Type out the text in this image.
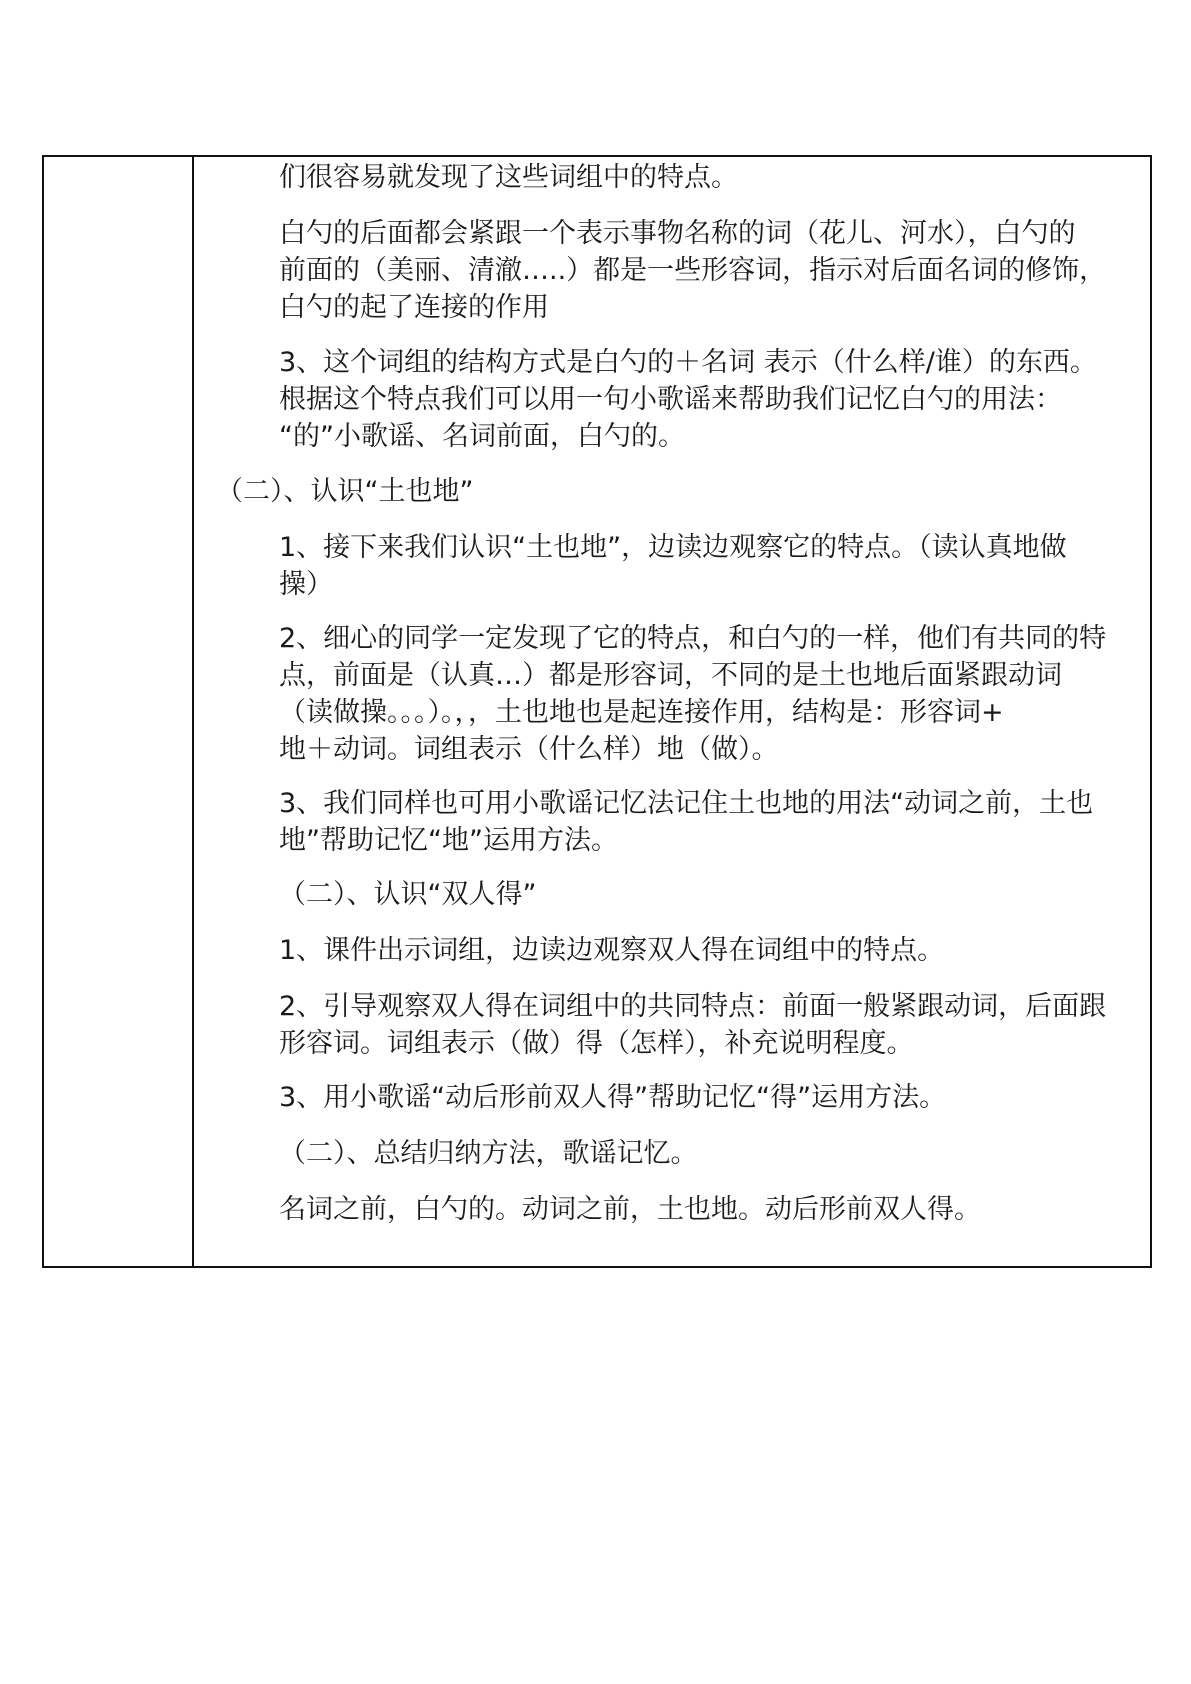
们很容易就发现了这些词组中的特点。
白勺的后面都会紧跟一个表示事物名称的词（花儿、河水），白勺的
前面的（美丽、清澈…..）都是一些形容词，指示对后面名词的修饰，
白勺的起了连接的作用
3、这个词组的结构方式是白勺的＋名词 表示（什么样/谁）的东西。
根据这个特点我们可以用一句小歌谣来帮助我们记忆白勺的用法：
“的”小歌谣、名词前面，白勺的。
（二）、认识“土也地”
1、接下来我们认识“土也地”，边读边观察它的特点。（读认真地做
操）
2、细心的同学一定发现了它的特点，和白勺的一样，他们有共同的特
点，前面是（认真…）都是形容词，不同的是土也地后面紧跟动词
（读做操。。。）。，，土也地也是起连接作用，结构是：形容词+
地＋动词。词组表示（什么样）地（做）。
3、我们同样也可用小歌谣记忆法记住土也地的用法“动词之前，土也
地”帮助记忆“地”运用方法。
（二）、认识“双人得”
1、课件出示词组，边读边观察双人得在词组中的特点。
2、引导观察双人得在词组中的共同特点：前面一般紧跟动词，后面跟
形容词。词组表示（做）得（怎样），补充说明程度。
3、用小歌谣“动后形前双人得”帮助记忆“得”运用方法。
（二）、总结归纳方法，歌谣记忆。
名词之前，白勺的。动词之前，土也地。动后形前双人得。
